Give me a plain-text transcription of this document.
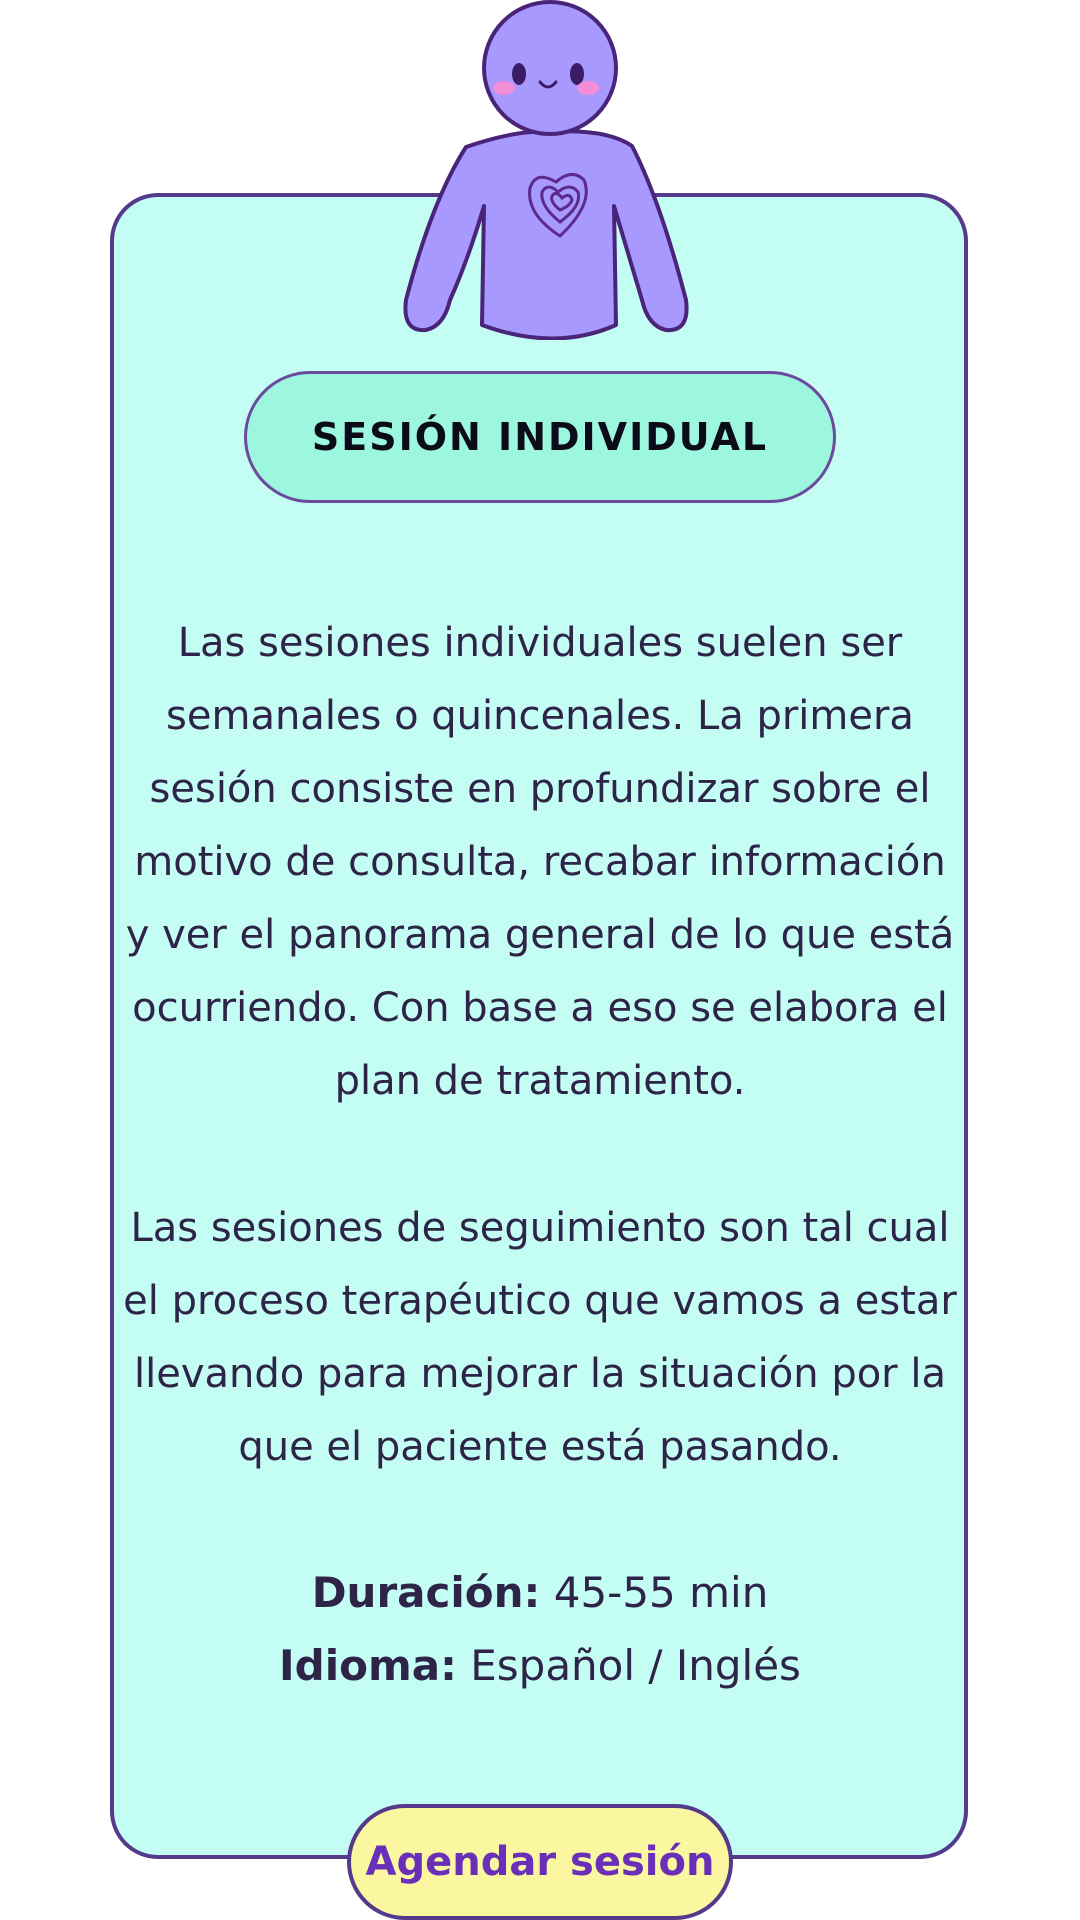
SESIÓN INDIVIDUAL

Las sesiones individuales suelen ser semanales o quincenales. La primera sesión consiste en profundizar sobre el motivo de consulta, recabar información y ver el panorama general de lo que está ocurriendo. Con base a eso se elabora el plan de tratamiento.

Las sesiones de seguimiento son tal cual el proceso terapéutico que vamos a estar llevando para mejorar la situación por la que el paciente está pasando.

Duración: 45-55 min
Idioma: Español / Inglés
Agendar sesión
